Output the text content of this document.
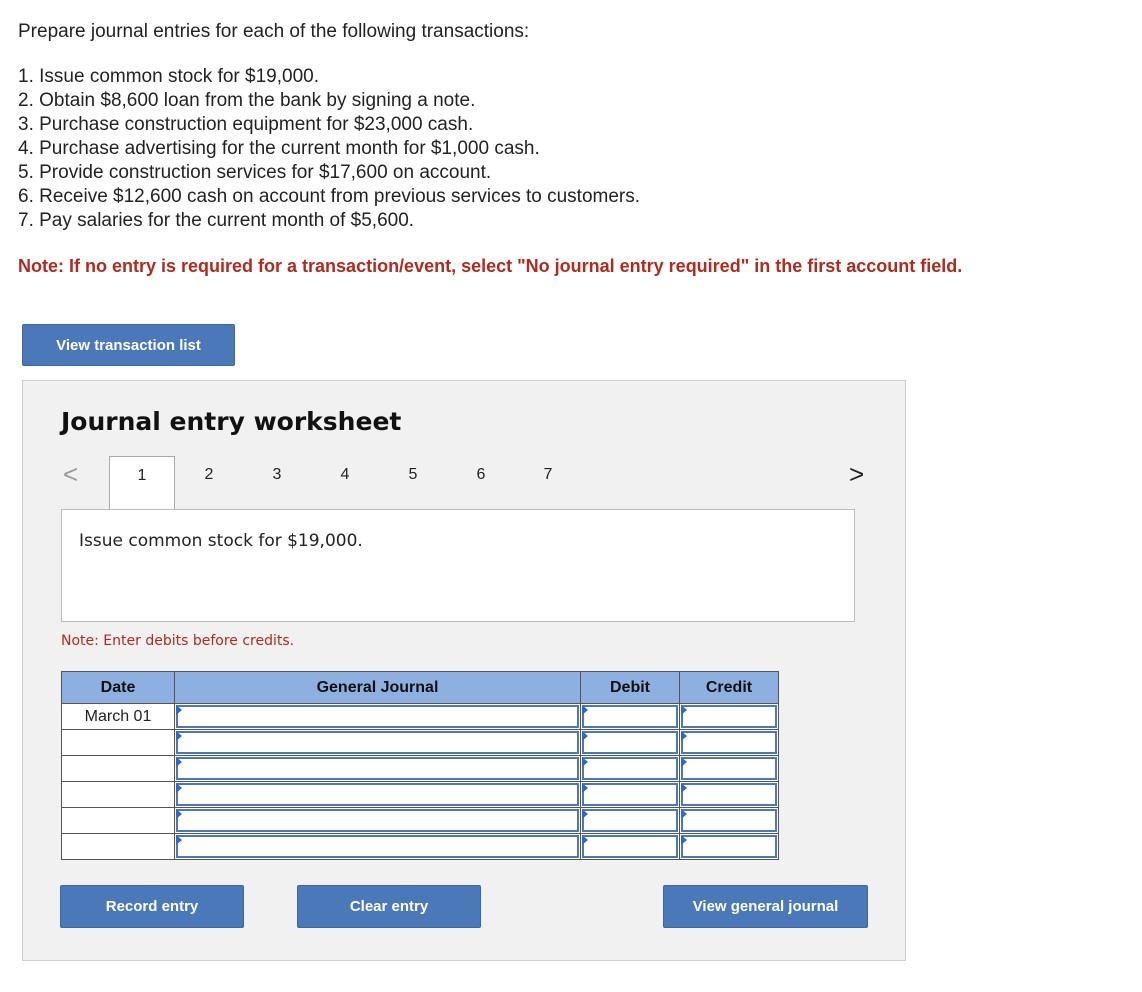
Prepare journal entries for each of the following transactions:

1. Issue common stock for $19,000.
2. Obtain $8,600 loan from the bank by signing a note.
3. Purchase construction equipment for $23,000 cash.
4. Purchase advertising for the current month for $1,000 cash.
5. Provide construction services for $17,600 on account.
6. Receive $12,600 cash on account from previous services to customers.
7. Pay salaries for the current month of $5,600.
Note: If no entry is required for a transaction/event, select "No journal entry required" in the first account field.
View transaction list
Journal entry worksheet
<	1	2	3	4	5	6	7	>
Issue common stock for $19,000.
Note: Enter debits before credits.
Date	General Journal	Debit	Credit
March 01	

Record entry	Clear entry	View general journal
